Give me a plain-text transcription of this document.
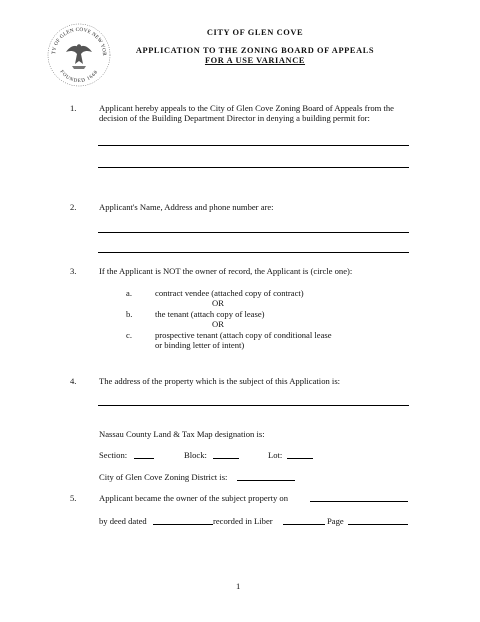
TY OF GLEN COVE NEW YOR
FOUNDED 1668
CITY OF GLEN COVE
APPLICATION TO THE ZONING BOARD OF APPEALS
FOR A USE VARIANCE
1.	Applicant hereby appeals to the City of Glen Cove Zoning Board of Appeals from the decision of the Building Department Director in denying a building permit for:
2.	Applicant's Name, Address and phone number are:
3.	If the Applicant is NOT the owner of record, the Applicant is (circle one):
a.	contract vendee (attached copy of contract)
OR
b.	the tenant (attach copy of lease)
OR
c.	prospective tenant (attach copy of conditional lease or binding letter of intent)
4.	The address of the property which is the subject of this Application is:
Nassau County Land & Tax Map designation is:
Section:	Block:	Lot:
City of Glen Cove Zoning District is:
5.	Applicant became the owner of the subject property on
by deed dated	recorded in Liber	Page
1
